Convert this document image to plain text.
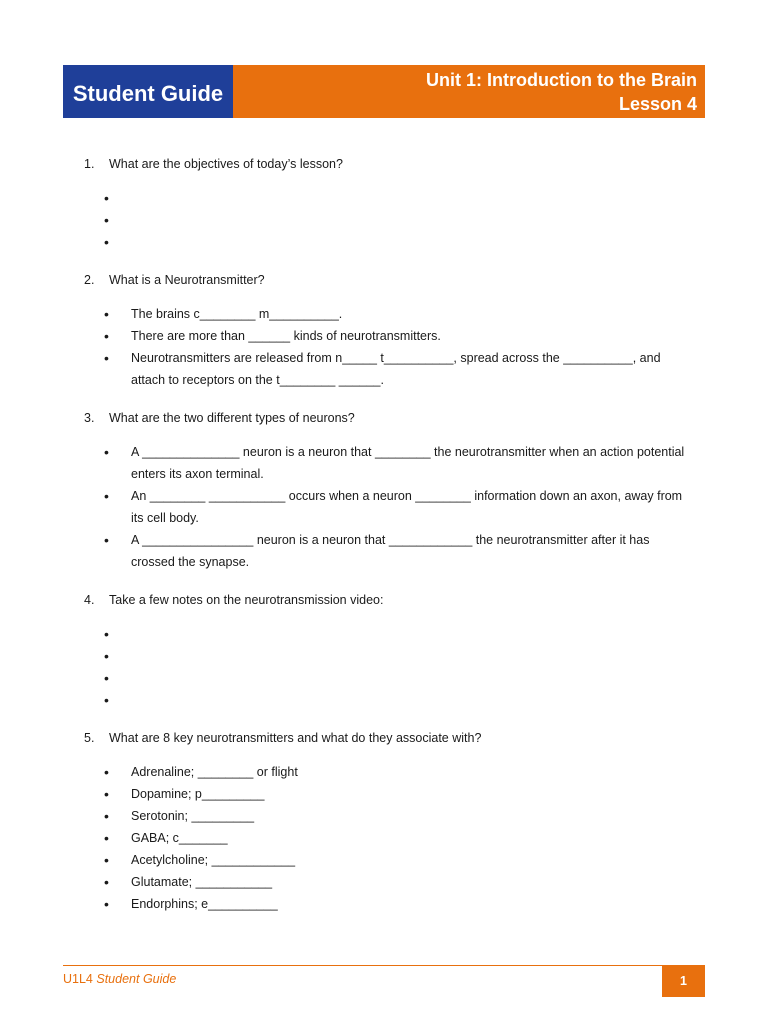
Student Guide
Unit 1: Introduction to the Brain
Lesson 4
1.	What are the objectives of today’s lesson?
•
•
•
2.	What is a Neurotransmitter?
•	The brains c________ m__________.
•	There are more than ______ kinds of neurotransmitters.
•	Neurotransmitters are released from n_____ t__________, spread across the __________, and attach to receptors on the t________ ______.
3.	What are the two different types of neurons?
•	A ______________ neuron is a neuron that ________ the neurotransmitter when an action potential enters its axon terminal.
•	An ________ ___________ occurs when a neuron ________ information down an axon, away from its cell body.
•	A ________________ neuron is a neuron that ____________ the neurotransmitter after it has crossed the synapse.
4.	Take a few notes on the neurotransmission video:
•
•
•
•
5.	What are 8 key neurotransmitters and what do they associate with?
•	Adrenaline; ________ or flight
•	Dopamine; p_________
•	Serotonin; _________
•	GABA; c_______
•	Acetylcholine; ____________
•	Glutamate; ___________
•	Endorphins; e__________
U1L4 Student Guide	1
